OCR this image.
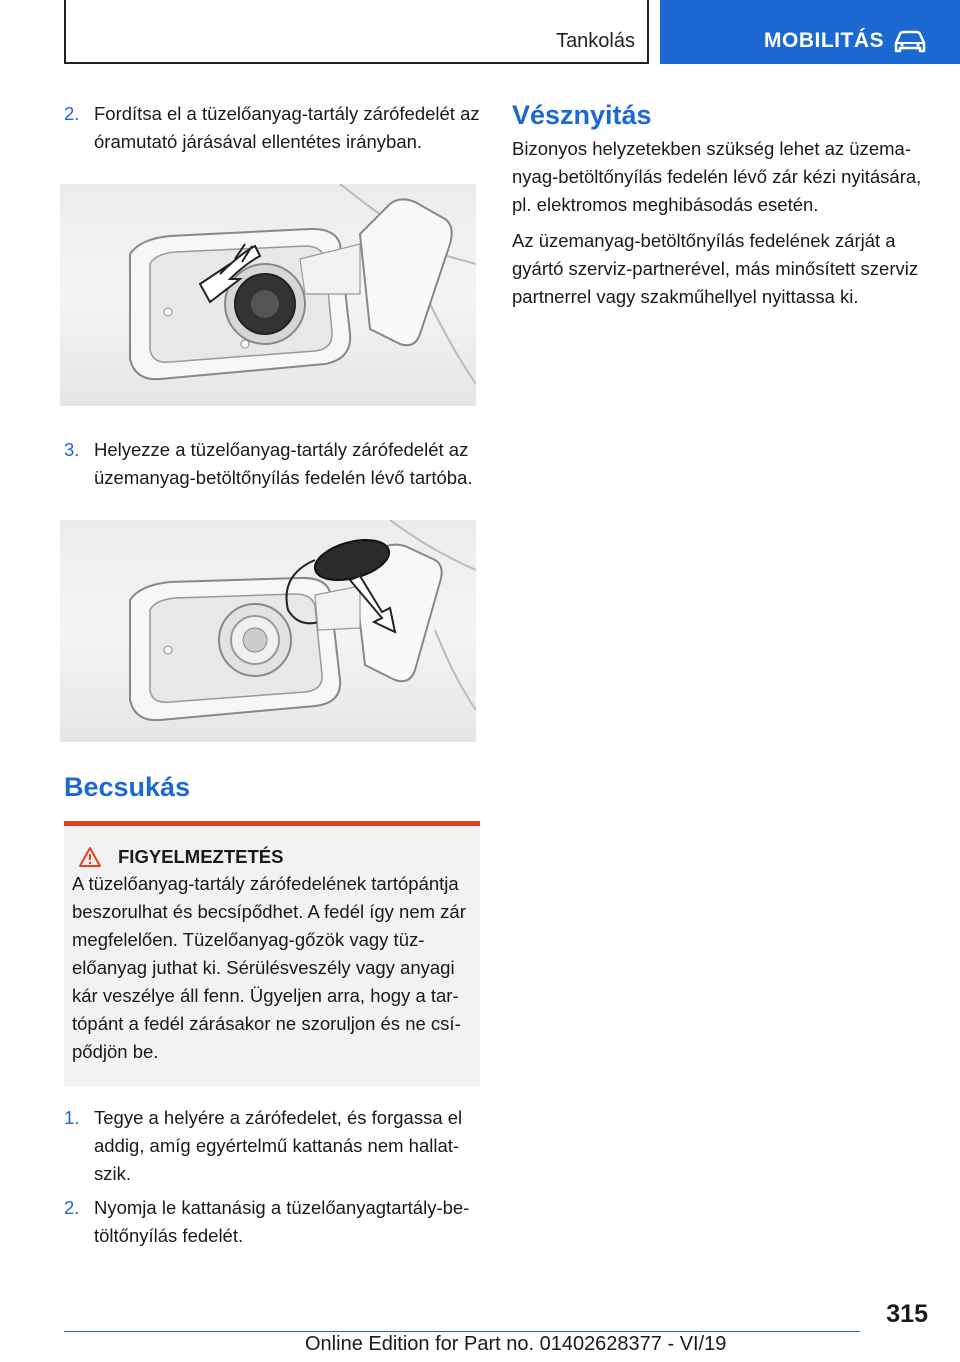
Tankolás	MOBILITÁS

2. Fordítsa el a tüzelőanyag-tartály zárófedelét az óramutató járásával ellentétes irányban.

3. Helyezze a tüzelőanyag-tartály zárófedelét az üzemanyag-betöltőnyílás fedelén lévő tartóba.

Becsukás
FIGYELMEZTETÉS
A tüzelőanyag-tartály zárófedelének tartópántja beszorulhat és becsípődhet. A fedél így nem zár megfelelően. Tüzelőanyag-gőzök vagy tüzelőanyag juthat ki. Sérülésveszély vagy anyagi kár veszélye áll fenn. Ügyeljen arra, hogy a tartópánt a fedél zárásakor ne szoruljon és ne csípődjön be.

1. Tegye a helyére a zárófedelet, és forgassa el addig, amíg egyértelmű kattanás nem hallatszik.

2. Nyomja le kattanásig a tüzelőanyagtartály-betöltőnyílás fedelét.

Vésznyitás

Bizonyos helyzetekben szükség lehet az üzemanyag-betöltőnyílás fedelén lévő zár kézi nyitására, pl. elektromos meghibásodás esetén.

Az üzemanyag-betöltőnyílás fedelének zárját a gyártó szerviz-partnerével, más minősített szerviz partnerrel vagy szakműhellyel nyittassa ki.

315
Online Edition for Part no. 01402628377 - VI/19
